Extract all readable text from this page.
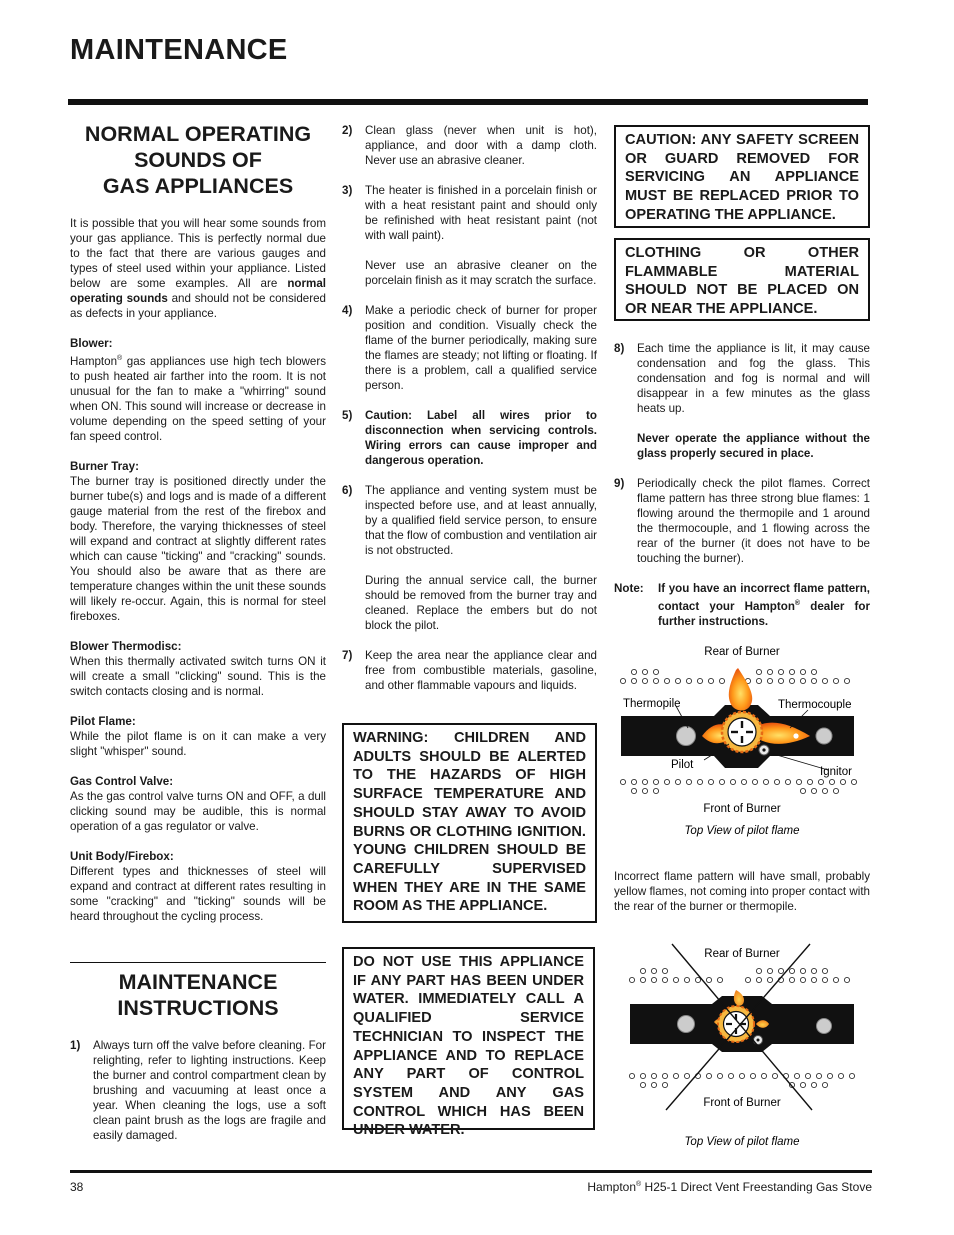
MAINTENANCE
NORMAL OPERATING
SOUNDS OF
GAS APPLIANCES

It is possible that you will hear some sounds from your gas appliance. This is perfectly normal due to the fact that there are various gauges and types of steel used within your appliance. Listed below are some examples. All are normal operating sounds and should not be considered as defects in your appliance.

Blower:

Hampton® gas appliances use high tech blowers to push heated air farther into the room. It is not unusual for the fan to make a "whirring" sound when ON. This sound will increase or decrease in volume depending on the speed setting of your fan speed control.

Burner Tray:

The burner tray is positioned directly under the burner tube(s) and logs and is made of a different gauge material from the rest of the firebox and body. Therefore, the varying thicknesses of steel will expand and contract at slightly different rates which can cause "ticking" and "cracking" sounds. You should also be aware that as there are temperature changes within the unit these sounds will likely re-occur. Again, this is normal for steel fireboxes.

Blower Thermodisc:

When this thermally activated switch turns ON it will create a small "clicking" sound. This is the switch contacts closing and is normal.

Pilot Flame:

While the pilot flame is on it can make a very slight "whisper" sound.

Gas Control Valve:

As the gas control valve turns ON and OFF, a dull clicking sound may be audible, this is normal operation of a gas regulator or valve.

Unit Body/Firebox:

Different types and thicknesses of steel will expand and contract at different rates resulting in some "cracking" and "ticking" sounds will be heard throughout the cycling process.

MAINTENANCE
INSTRUCTIONS
1)	Always turn off the valve before cleaning. For relighting, refer to lighting instructions. Keep the burner and control compartment clean by brushing and vacuuming at least once a year. When cleaning the logs, use a soft clean paint brush as the logs are fragile and easily damaged.
2)	Clean glass (never when unit is hot), appliance, and door with a damp cloth. Never use an abrasive cleaner.

3)	The heater is finished in a porcelain finish or with a heat resistant paint and should only be refinished with heat resistant paint (not with wall paint).

Never use an abrasive cleaner on the porcelain finish as it may scratch the surface.

4)	Make a periodic check of burner for proper position and condition. Visually check the flame of the burner periodically, making sure the flames are steady; not lifting or floating. If there is a problem, call a qualified service person.

5)	Caution: Label all wires prior to disconnection when servicing controls. Wiring errors can cause improper and dangerous operation.

6)	The appliance and venting system must be inspected before use, and at least annually, by a qualified field service person, to ensure that the flow of combustion and ventilation air is not obstructed.

During the annual service call, the burner should be removed from the burner tray and cleaned. Replace the embers but do not block the pilot.

7)	Keep the area near the appliance clear and free from combustible materials, gasoline, and other flammable vapours and liquids.

WARNING: CHILDREN AND ADULTS SHOULD BE ALERTED TO THE HAZARDS OF HIGH SURFACE TEMPERATURE AND SHOULD STAY AWAY TO AVOID BURNS OR CLOTHING IGNITION. YOUNG CHILDREN SHOULD BE CAREFULLY SUPERVISED WHEN THEY ARE IN THE SAME ROOM AS THE APPLIANCE.
DO NOT USE THIS APPLIANCE IF ANY PART HAS BEEN UNDER WATER. IMMEDIATELY CALL A QUALIFIED SERVICE TECHNICIAN TO INSPECT THE APPLIANCE AND TO REPLACE ANY PART OF CONTROL SYSTEM AND ANY GAS CONTROL WHICH HAS BEEN UNDER WATER.
CAUTION: ANY SAFETY SCREEN OR GUARD REMOVED FOR SERVICING AN APPLIANCE MUST BE REPLACED PRIOR TO OPERATING THE APPLIANCE.
CLOTHING OR OTHER FLAMMABLE MATERIAL SHOULD NOT BE PLACED ON OR NEAR THE APPLIANCE.
8)	Each time the appliance is lit, it may cause condensation and fog the glass. This condensation and fog is normal and will disappear in a few minutes as the glass heats up.

Never operate the appliance without the glass properly secured in place.

9)	Periodically check the pilot flames. Correct flame pattern has three strong blue flames: 1 flowing around the thermopile and 1 around the thermocouple, and 1 flowing across the rear of the burner (it does not have to be touching the burner).

Note:	If you have an incorrect flame pattern, contact your Hampton® dealer for further instructions.
Rear of Burner
Thermopile	Thermocouple
Pilot
Ignitor
Front of Burner
Top View of pilot flame

Incorrect flame pattern will have small, probably yellow flames, not coming into proper contact with the rear of the burner or thermopile.

Rear of Burner
Front of Burner
Top View of pilot flame
38	Hampton® H25-1 Direct Vent Freestanding Gas Stove
